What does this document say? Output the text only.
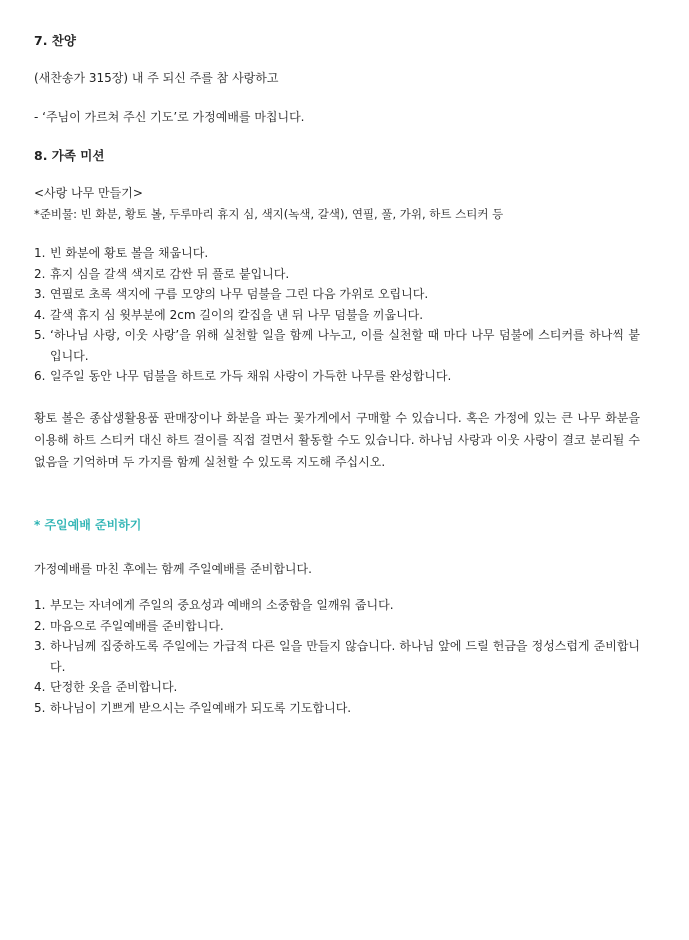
7. 찬양
(새찬송가 315장) 내 주 되신 주를 참 사랑하고
- ‘주님이 가르쳐 주신 기도’로 가정예배를 마칩니다.
8. 가족 미션
<사랑 나무 만들기>
*준비물: 빈 화분, 황토 볼, 두루마리 휴지 심, 색지(녹색, 갈색), 연필, 풀, 가위, 하트 스티커 등
1. 빈 화분에 황토 볼을 채웁니다.
2. 휴지 심을 갈색 색지로 감싼 뒤 풀로 붙입니다.
3. 연필로 초록 색지에 구름 모양의 나무 덤불을 그린 다음 가위로 오립니다.
4. 갈색 휴지 심 윗부분에 2cm 길이의 칼집을 낸 뒤 나무 덤불을 끼웁니다.
5. ‘하나님 사랑, 이웃 사랑’을 위해 실천할 일을 함께 나누고, 이를 실천할 때 마다 나무 덤불에 스티커를 하나씩 붙입니다.
6. 일주일 동안 나무 덤불을 하트로 가득 채워 사랑이 가득한 나무를 완성합니다.
황토 볼은 종삽생활용품 판매장이나 화분을 파는 꽃가게에서 구매할 수 있습니다. 혹은 가정에 있는 큰 나무 화분을 이용해 하트 스티커 대신 하트 걸이를 직접 걸면서 활동할 수도 있습니다. 하나님 사랑과 이웃 사랑이 결코 분리될 수 없음을 기억하며 두 가지를 함께 실천할 수 있도록 지도해 주십시오.
* 주일예배 준비하기
가정예배를 마친 후에는 함께 주일예배를 준비합니다.
1. 부모는 자녀에게 주일의 중요성과 예배의 소중함을 일깨워 줍니다.
2. 마음으로 주일예배를 준비합니다.
3. 하나님께 집중하도록 주일에는 가급적 다른 일을 만들지 않습니다. 하나님 앞에 드릴 헌금을 정성스럽게 준비합니다.
4. 단정한 옷을 준비합니다.
5. 하나님이 기쁘게 받으시는 주일예배가 되도록 기도합니다.
